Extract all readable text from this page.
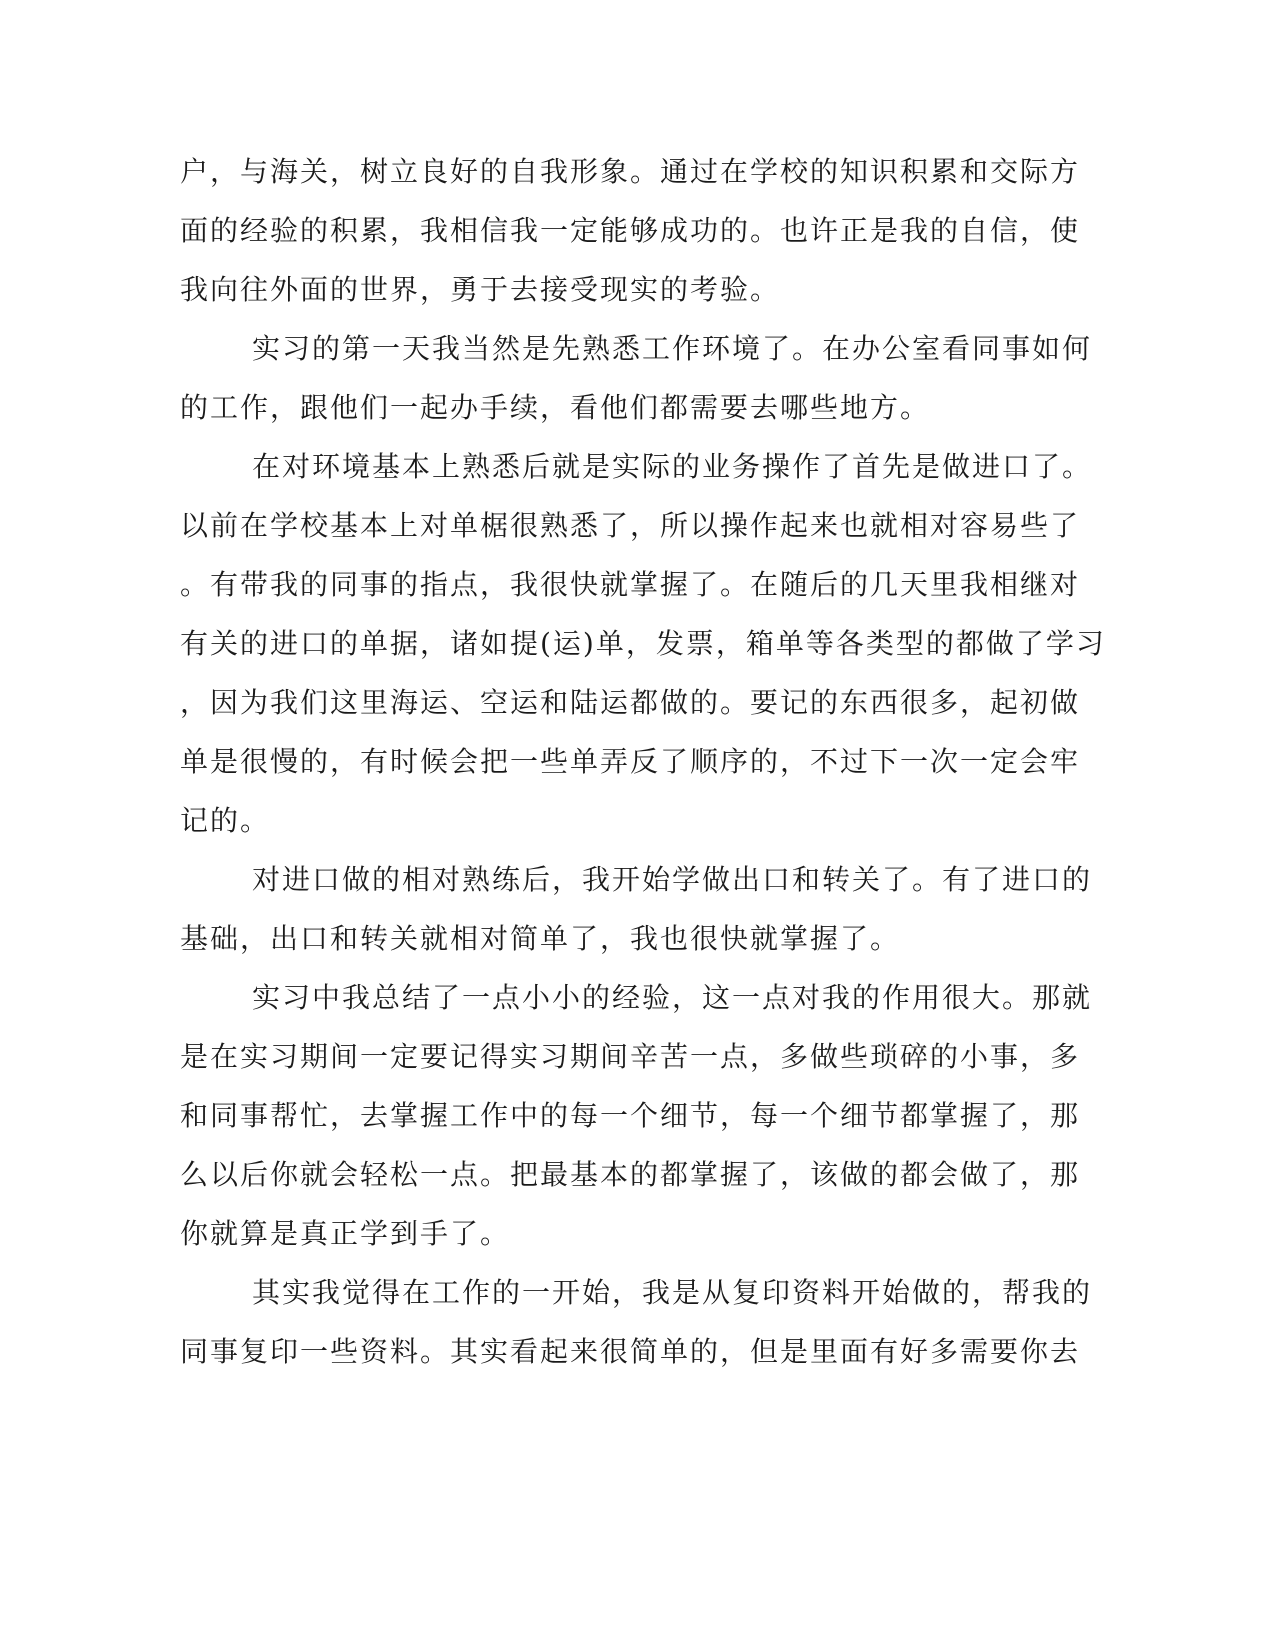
户，与海关，树立良好的自我形象。通过在学校的知识积累和交际方
面的经验的积累，我相信我一定能够成功的。也许正是我的自信，使
我向往外面的世界，勇于去接受现实的考验。
实习的第一天我当然是先熟悉工作环境了。在办公室看同事如何
的工作，跟他们一起办手续，看他们都需要去哪些地方。
在对环境基本上熟悉后就是实际的业务操作了首先是做进口了。
以前在学校基本上对单椐很熟悉了，所以操作起来也就相对容易些了
。有带我的同事的指点，我很快就掌握了。在随后的几天里我相继对
有关的进口的单据，诸如提(运)单，发票，箱单等各类型的都做了学习
，因为我们这里海运、空运和陆运都做的。要记的东西很多，起初做
单是很慢的，有时候会把一些单弄反了顺序的，不过下一次一定会牢
记的。
对进口做的相对熟练后，我开始学做出口和转关了。有了进口的
基础，出口和转关就相对简单了，我也很快就掌握了。
实习中我总结了一点小小的经验，这一点对我的作用很大。那就
是在实习期间一定要记得实习期间辛苦一点，多做些琐碎的小事，多
和同事帮忙，去掌握工作中的每一个细节，每一个细节都掌握了，那
么以后你就会轻松一点。把最基本的都掌握了，该做的都会做了，那
你就算是真正学到手了。
其实我觉得在工作的一开始，我是从复印资料开始做的，帮我的
同事复印一些资料。其实看起来很简单的，但是里面有好多需要你去
